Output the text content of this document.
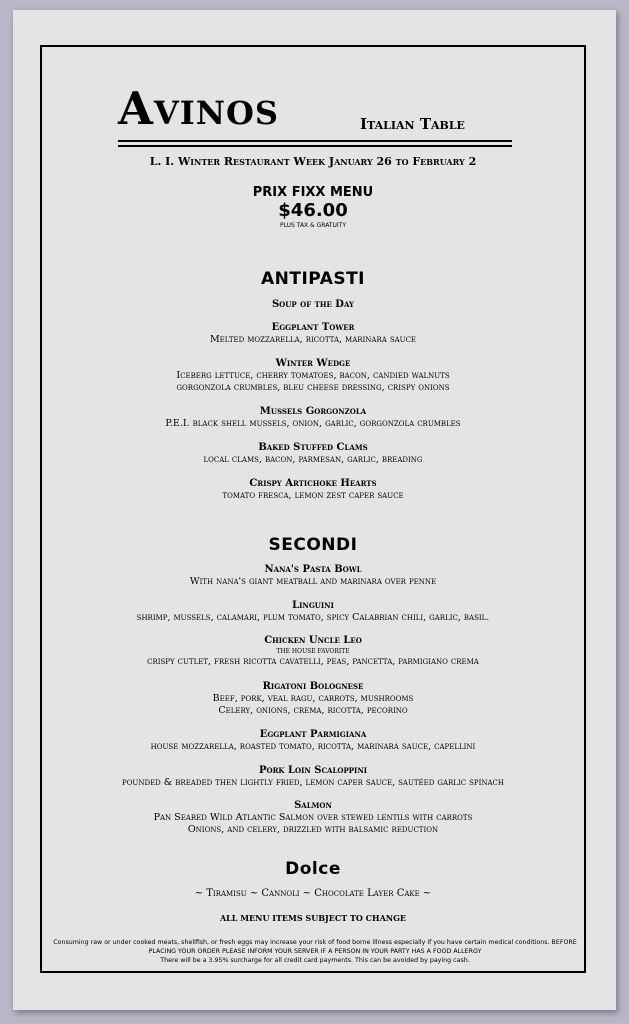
Avinos	Italian Table
L. I. Winter Restaurant Week January 26 to February 2
PRIX FIXX MENU
$46.00
PLUS TAX & GRATUITY
ANTIPASTI
Soup of the Day
Eggplant Tower
Melted mozzarella, ricotta, marinara sauce
Winter Wedge
Iceberg lettuce, cherry tomatoes, bacon, candied walnuts
gorgonzola crumbles, bleu cheese dressing, crispy onions
Mussels Gorgonzola
P.E.I. black shell mussels, onion, garlic, gorgonzola crumbles
Baked Stuffed Clams
local clams, bacon, parmesan, garlic, breading
Crispy Artichoke Hearts
tomato fresca, lemon zest caper sauce
SECONDI
Nana's Pasta Bowl
With nana's giant meatball and marinara over penne
Linguini
shrimp, mussels, calamari, plum tomato, spicy Calabrian chili, garlic, basil.
Chicken Uncle Leo
THE HOUSE FAVORITE
crispy cutlet, fresh ricotta cavatelli, peas, pancetta, parmigiano crema
Rigatoni Bolognese
Beef, pork, veal ragu, carrots, mushrooms
Celery, onions, crema, ricotta, pecorino
Eggplant Parmigiana
house mozzarella, roasted tomato, ricotta, marinara sauce, capellini
Pork Loin Scaloppini
pounded & breaded then lightly fried, lemon caper sauce, sautéed garlic spinach
Salmon
Pan Seared Wild Atlantic Salmon over stewed lentils with carrots
Onions, and celery, drizzled with balsamic reduction
Dolce
~ Tiramisu ~ Cannoli ~ Chocolate Layer Cake ~
ALL MENU ITEMS SUBJECT TO CHANGE
Consuming raw or under cooked meats, shellfish, or fresh eggs may increase your risk of food borne illness especially if you have certain medical conditions. BEFORE PLACING YOUR ORDER PLEASE INFORM YOUR SERVER IF A PERSON IN YOUR PARTY HAS A FOOD ALLERGY
There will be a 3.95% surcharge for all credit card payments. This can be avoided by paying cash.
